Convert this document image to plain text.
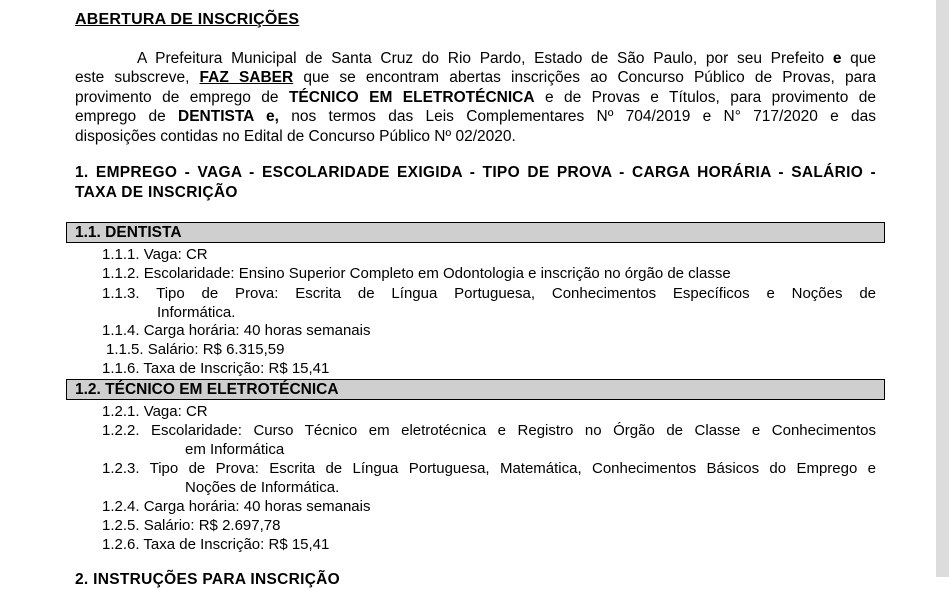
ABERTURA DE INSCRIÇÕES
A Prefeitura Municipal de Santa Cruz do Rio Pardo, Estado de São Paulo, por seu Prefeito e que
este subscreve, FAZ SABER que se encontram abertas inscrições ao Concurso Público de Provas, para
provimento de emprego de TÉCNICO EM ELETROTÉCNICA e de Provas e Títulos, para provimento de
emprego de DENTISTA e, nos termos das Leis Complementares Nº 704/2019 e N° 717/2020 e das
disposições contidas no Edital de Concurso Público Nº 02/2020.
1. EMPREGO - VAGA - ESCOLARIDADE EXIGIDA - TIPO DE PROVA - CARGA HORÁRIA - SALÁRIO -
TAXA DE INSCRIÇÃO
1.1. DENTISTA
1.1.1. Vaga: CR
1.1.2. Escolaridade: Ensino Superior Completo em Odontologia e inscrição no órgão de classe
1.1.3. Tipo de Prova: Escrita de Língua Portuguesa, Conhecimentos Específicos e Noções de
Informática.
1.1.4. Carga horária: 40 horas semanais
1.1.5. Salário: R$ 6.315,59
1.1.6. Taxa de Inscrição: R$ 15,41
1.2. TÉCNICO EM ELETROTÉCNICA
1.2.1. Vaga: CR
1.2.2. Escolaridade: Curso Técnico em eletrotécnica e Registro no Órgão de Classe e Conhecimentos
em Informática
1.2.3. Tipo de Prova: Escrita de Língua Portuguesa, Matemática, Conhecimentos Básicos do Emprego e
Noções de Informática.
1.2.4. Carga horária: 40 horas semanais
1.2.5. Salário: R$ 2.697,78
1.2.6. Taxa de Inscrição: R$ 15,41
2. INSTRUÇÕES PARA INSCRIÇÃO
